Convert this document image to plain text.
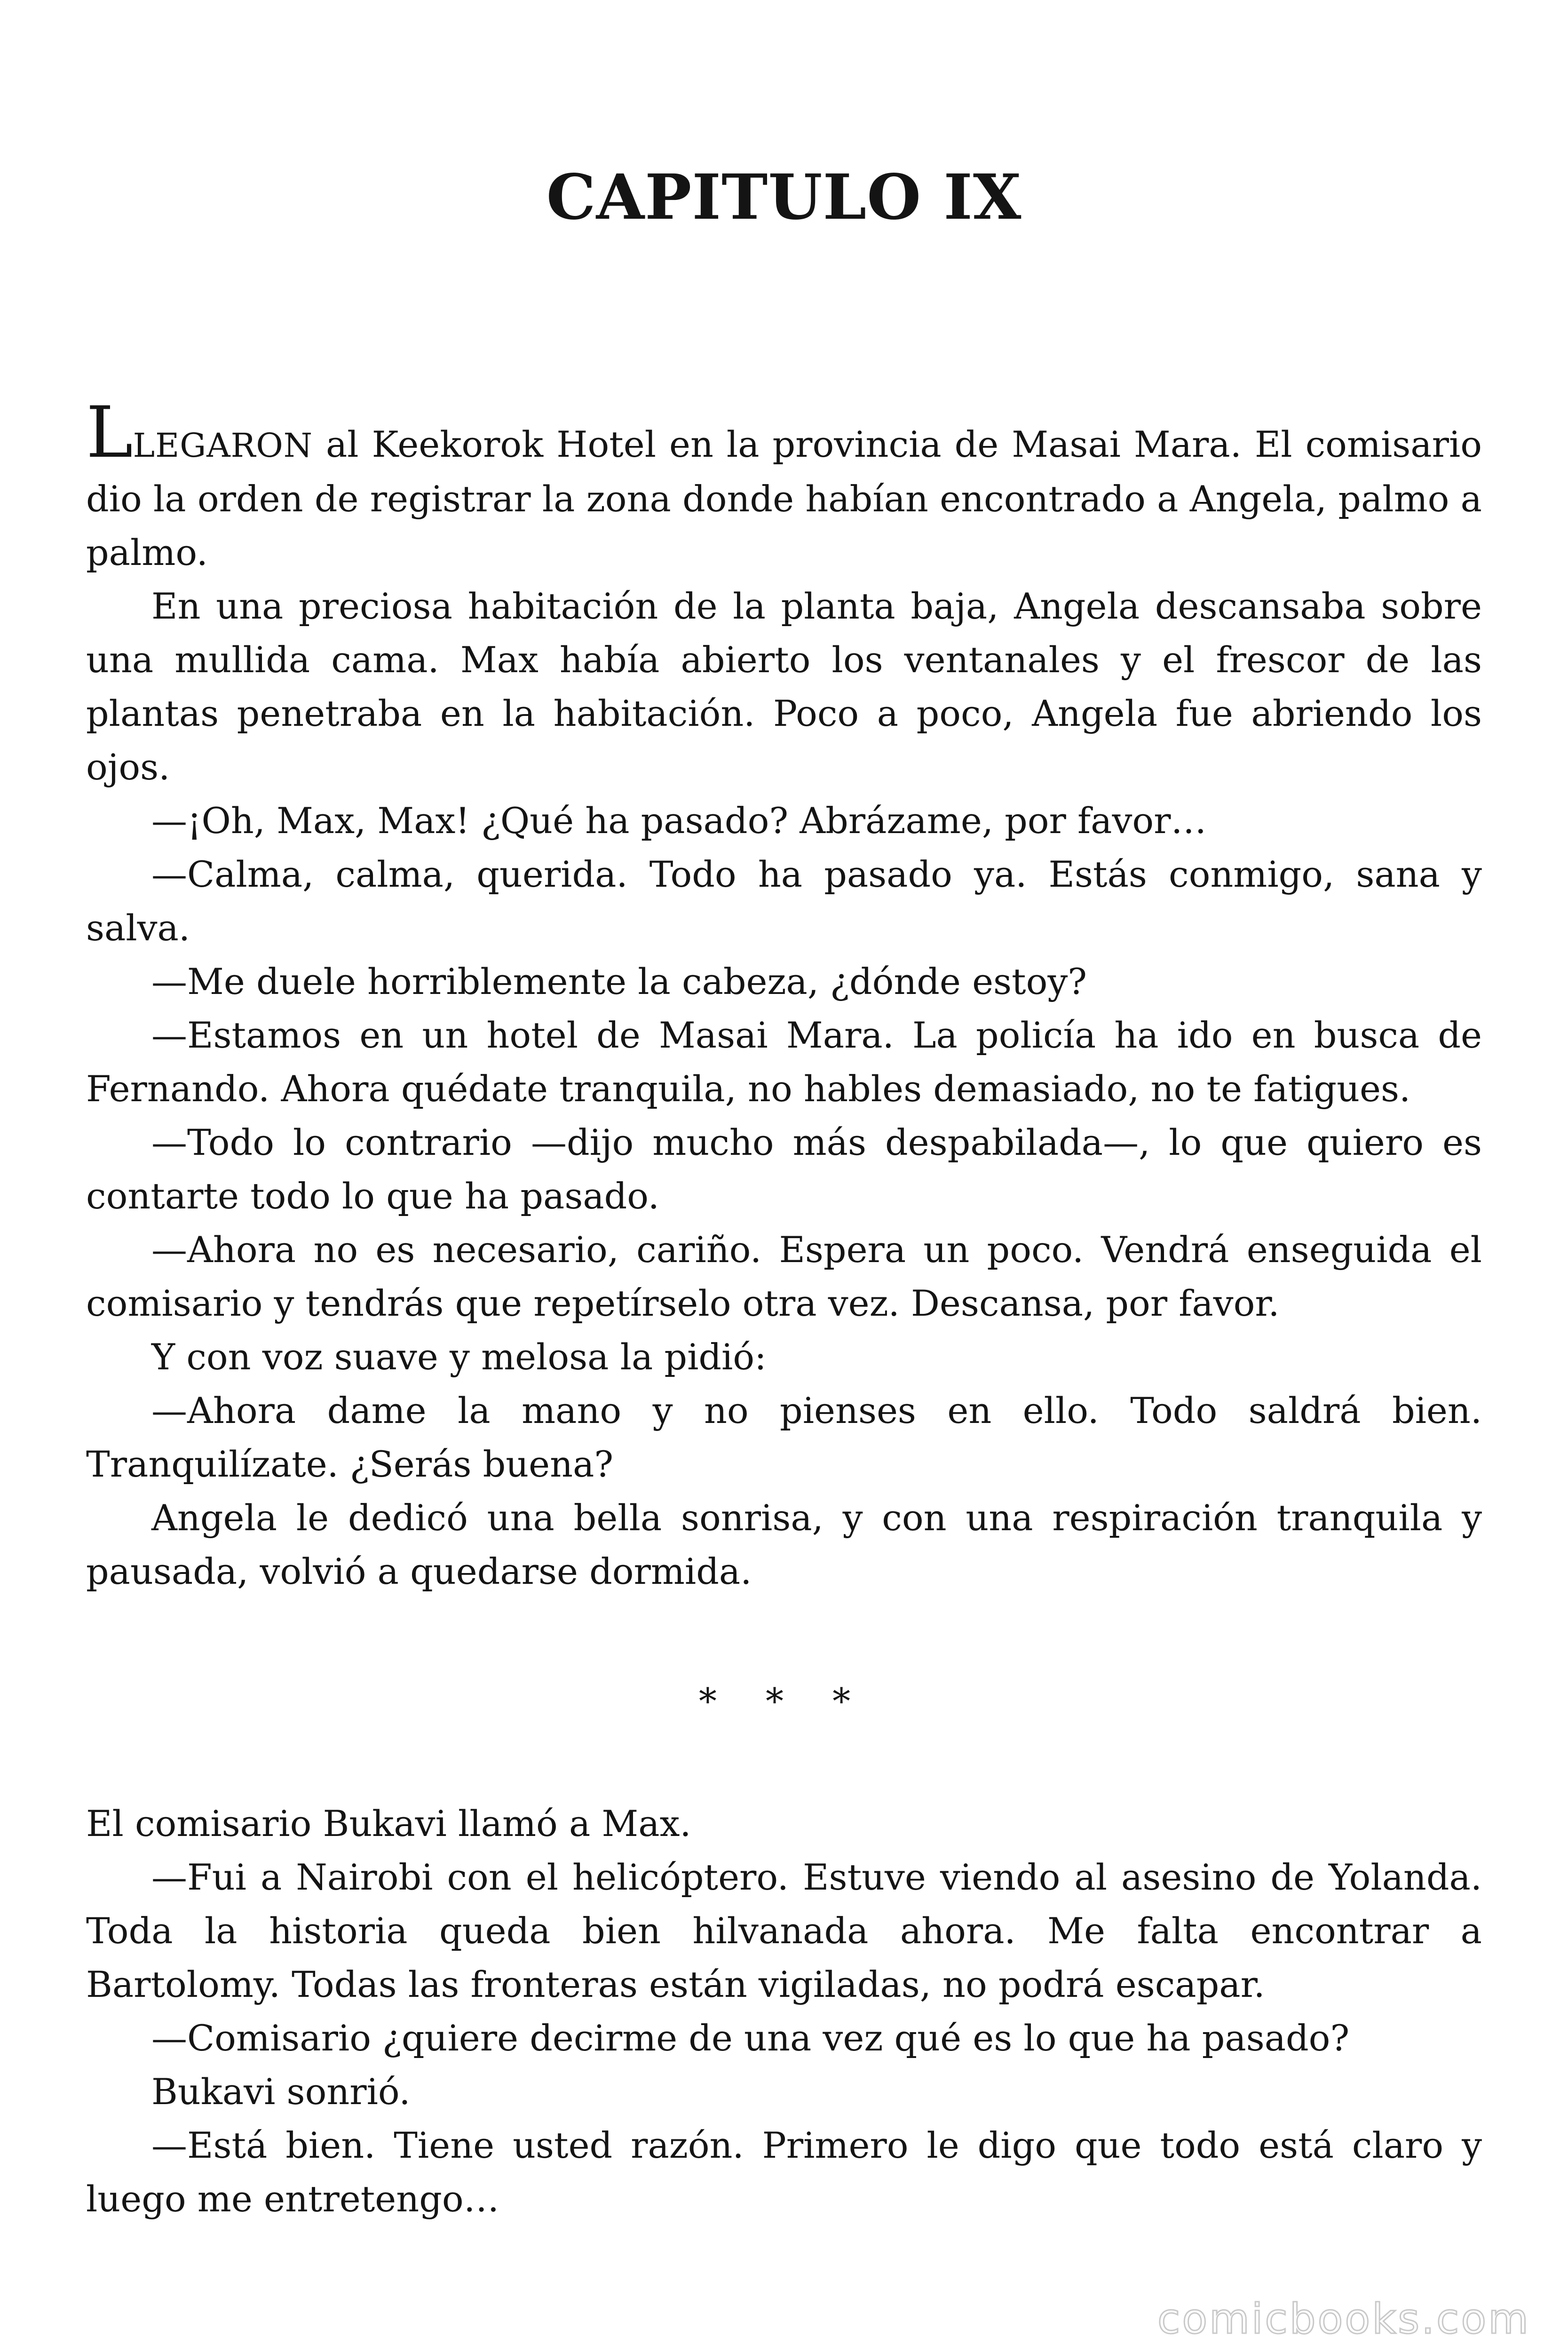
CAPITULO IX

LLEGARON al Keekorok Hotel en la provincia de Masai Mara. El comisario dio la orden de registrar la zona donde habían encontrado a Angela, palmo a palmo.

En una preciosa habitación de la planta baja, Angela descansaba sobre una mullida cama. Max había abierto los ventanales y el frescor de las plantas penetraba en la habitación. Poco a poco, Angela fue abriendo los ojos.

—¡Oh, Max, Max! ¿Qué ha pasado? Abrázame, por favor…

—Calma, calma, querida. Todo ha pasado ya. Estás conmigo, sana y salva.

—Me duele horriblemente la cabeza, ¿dónde estoy?

—Estamos en un hotel de Masai Mara. La policía ha ido en busca de Fernando. Ahora quédate tranquila, no hables demasiado, no te fatigues.

—Todo lo contrario —dijo mucho más despabilada—, lo que quiero es contarte todo lo que ha pasado.

—Ahora no es necesario, cariño. Espera un poco. Vendrá enseguida el comisario y tendrás que repetírselo otra vez. Descansa, por favor.

Y con voz suave y melosa la pidió:

—Ahora dame la mano y no pienses en ello. Todo saldrá bien. Tranquilízate. ¿Serás buena?

Angela le dedicó una bella sonrisa, y con una respiración tranquila y pausada, volvió a quedarse dormida.

* * *

El comisario Bukavi llamó a Max.

—Fui a Nairobi con el helicóptero. Estuve viendo al asesino de Yolanda. Toda la historia queda bien hilvanada ahora. Me falta encontrar a Bartolomy. Todas las fronteras están vigiladas, no podrá escapar.

—Comisario ¿quiere decirme de una vez qué es lo que ha pasado?

Bukavi sonrió.

—Está bien. Tiene usted razón. Primero le digo que todo está claro y luego me entretengo…

comicbooks.com
